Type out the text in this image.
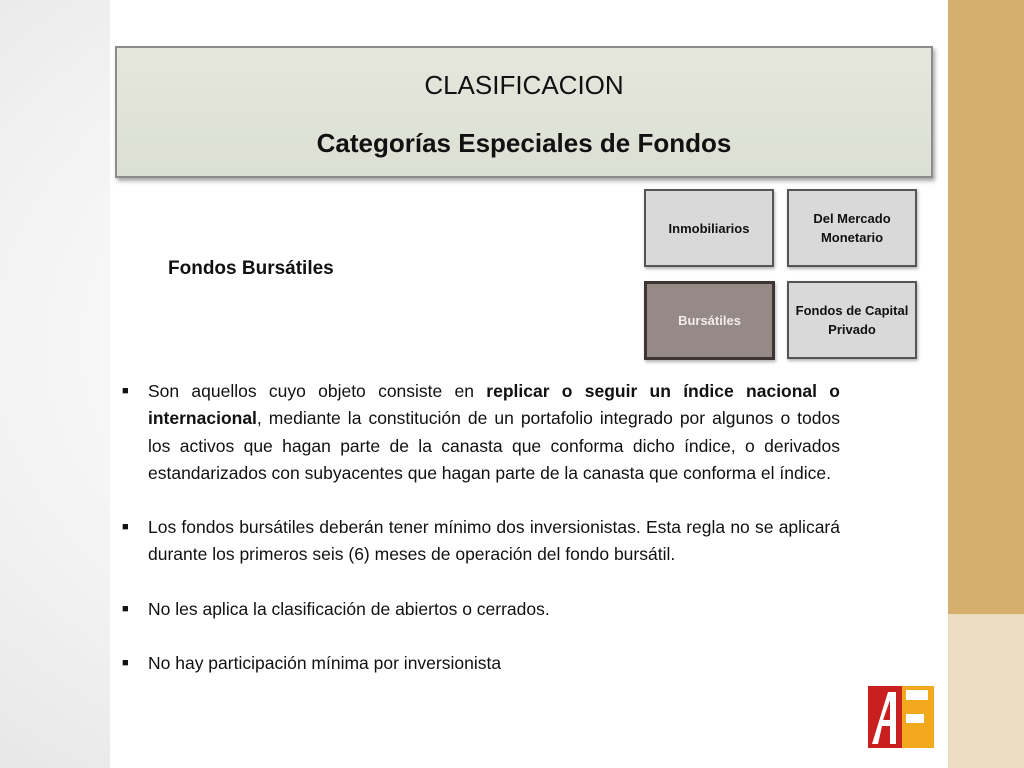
CLASIFICACION
Categorías Especiales de Fondos
Inmobiliarios
Del Mercado Monetario
Bursátiles
Fondos de Capital Privado
Fondos Bursátiles
■ Son aquellos cuyo objeto consiste en replicar o seguir un índice nacional o internacional, mediante la constitución de un portafolio integrado por algunos o todos los activos que hagan parte de la canasta que conforma dicho índice, o derivados estandarizados con subyacentes que hagan parte de la canasta que conforma el índice.
■ Los fondos bursátiles deberán tener mínimo dos inversionistas. Esta regla no se aplicará durante los primeros seis (6) meses de operación del fondo bursátil.
■ No les aplica la clasificación de abiertos o cerrados.
■ No hay participación mínima por inversionista
